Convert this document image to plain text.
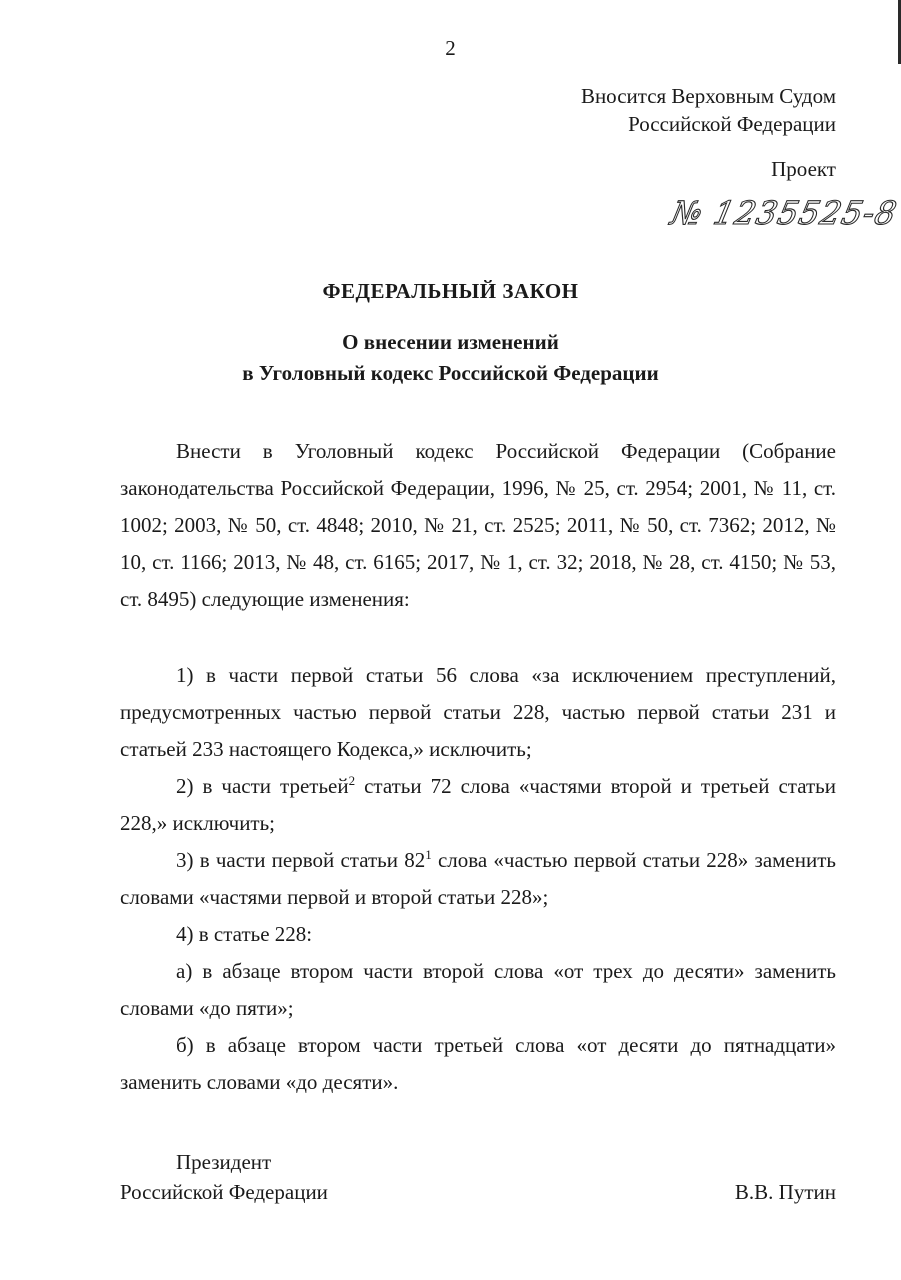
2
Вносится Верховным Судом
Российской Федерации
Проект
№ 1235525-8
ФЕДЕРАЛЬНЫЙ ЗАКОН
О внесении изменений
в Уголовный кодекс Российской Федерации

Внести в Уголовный кодекс Российской Федерации (Собрание законодательства Российской Федерации, 1996, № 25, ст. 2954; 2001, № 11, ст. 1002; 2003, № 50, ст. 4848; 2010, № 21, ст. 2525; 2011, № 50, ст. 7362; 2012, № 10, ст. 1166; 2013, № 48, ст. 6165; 2017, № 1, ст. 32; 2018, № 28, ст. 4150; № 53, ст. 8495) следующие изменения:

1) в части первой статьи 56 слова «за исключением преступлений, предусмотренных частью первой статьи 228, частью первой статьи 231 и статьей 233 настоящего Кодекса,» исключить;

2) в части третьей$^2$ статьи 72 слова «частями второй и третьей статьи 228,» исключить;

3) в части первой статьи $82^1$ слова «частью первой статьи 228» заменить словами «частями первой и второй статьи 228»;

4) в статье 228:

а) в абзаце втором части второй слова «от трех до десяти» заменить словами «до пяти»;

б) в абзаце втором части третьей слова «от десяти до пятнадцати» заменить словами «до десяти».

Президент
Российской Федерации	В.В. Путин
